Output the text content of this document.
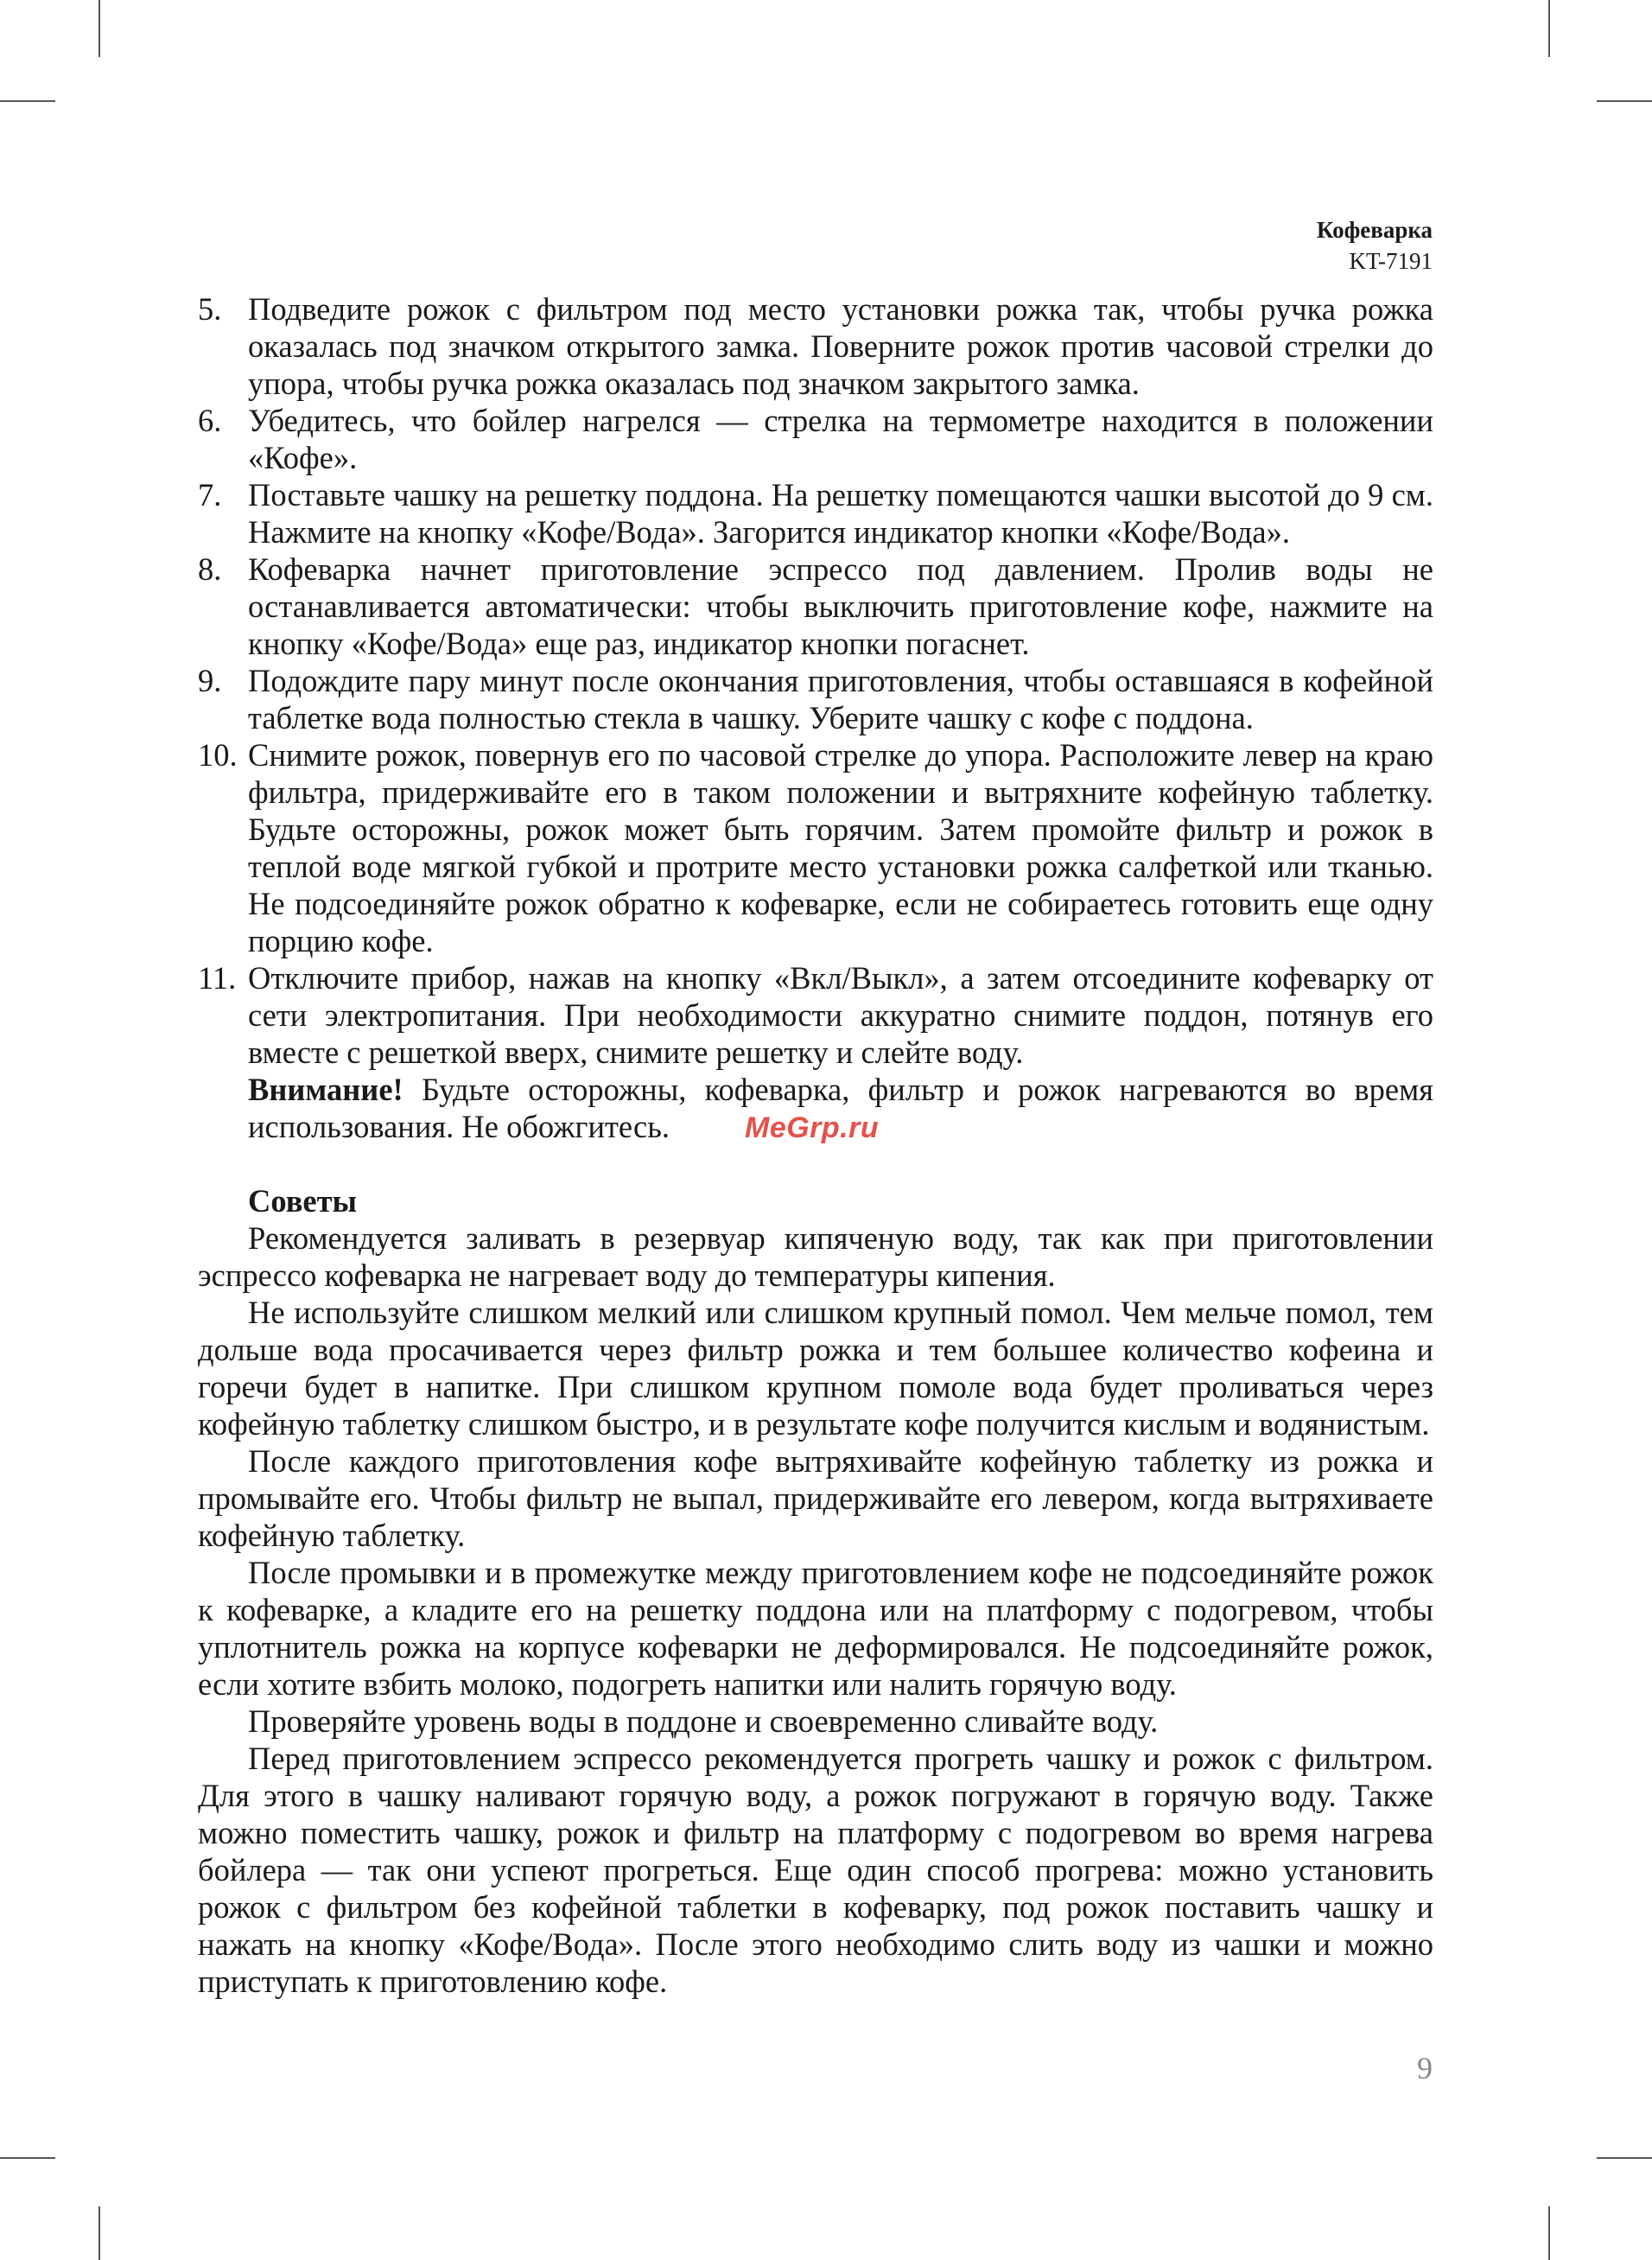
Кофеварка
KT-7191
5. Подведите рожок с фильтром под место установки рожка так, чтобы ручка рожка оказалась под значком открытого замка. Поверните рожок против часовой стрелки до упора, чтобы ручка рожка оказалась под значком закрытого замка.
6. Убедитесь, что бойлер нагрелся — стрелка на термометре находится в положении «Кофе».
7. Поставьте чашку на решетку поддона. На решетку помещаются чашки высотой до 9 см. Нажмите на кнопку «Кофе/Вода». Загорится индикатор кнопки «Кофе/Вода».
8. Кофеварка начнет приготовление эспрессо под давлением. Пролив воды не останавливается автоматически: чтобы выключить приготовление кофе, нажмите на кнопку «Кофе/Вода» еще раз, индикатор кнопки погаснет.
9. Подождите пару минут после окончания приготовления, чтобы оставшаяся в кофейной таблетке вода полностью стекла в чашку. Уберите чашку с кофе с поддона.
10. Снимите рожок, повернув его по часовой стрелке до упора. Расположите левер на краю фильтра, придерживайте его в таком положении и вытряхните кофейную таблетку. Будьте осторожны, рожок может быть горячим. Затем промойте фильтр и рожок в теплой воде мягкой губкой и протрите место установки рожка салфеткой или тканью. Не подсоединяйте рожок обратно к кофеварке, если не собираетесь готовить еще одну порцию кофе.
11. Отключите прибор, нажав на кнопку «Вкл/Выкл», а затем отсоедините кофеварку от сети электропитания. При необходимости аккуратно снимите поддон, потянув его вместе с решеткой вверх, снимите решетку и слейте воду.
Внимание! Будьте осторожны, кофеварка, фильтр и рожок нагреваются во время использования. Не обожгитесь.
Советы

Рекомендуется заливать в резервуар кипяченую воду, так как при приготовлении эспрессо кофеварка не нагревает воду до температуры кипения.

Не используйте слишком мелкий или слишком крупный помол. Чем мельче помол, тем дольше вода просачивается через фильтр рожка и тем большее количество кофеина и горечи будет в напитке. При слишком крупном помоле вода будет проливаться через кофейную таблетку слишком быстро, и в результате кофе получится кислым и водянистым.

После каждого приготовления кофе вытряхивайте кофейную таблетку из рожка и промывайте его. Чтобы фильтр не выпал, придерживайте его левером, когда вытряхиваете кофейную таблетку.

После промывки и в промежутке между приготовлением кофе не подсоединяйте рожок к кофеварке, а кладите его на решетку поддона или на платформу с подогревом, чтобы уплотнитель рожка на корпусе кофеварки не деформировался. Не подсоединяйте рожок, если хотите взбить молоко, подогреть напитки или налить горячую воду.

Проверяйте уровень воды в поддоне и своевременно сливайте воду.

Перед приготовлением эспрессо рекомендуется прогреть чашку и рожок с фильтром. Для этого в чашку наливают горячую воду, а рожок погружают в горячую воду. Также можно поместить чашку, рожок и фильтр на платформу с подогревом во время нагрева бойлера — так они успеют прогреться. Еще один способ прогрева: можно установить рожок с фильтром без кофейной таблетки в кофеварку, под рожок поставить чашку и нажать на кнопку «Кофе/Вода». После этого необходимо слить воду из чашки и можно приступать к приготовлению кофе.

MeGrp.ru
9
